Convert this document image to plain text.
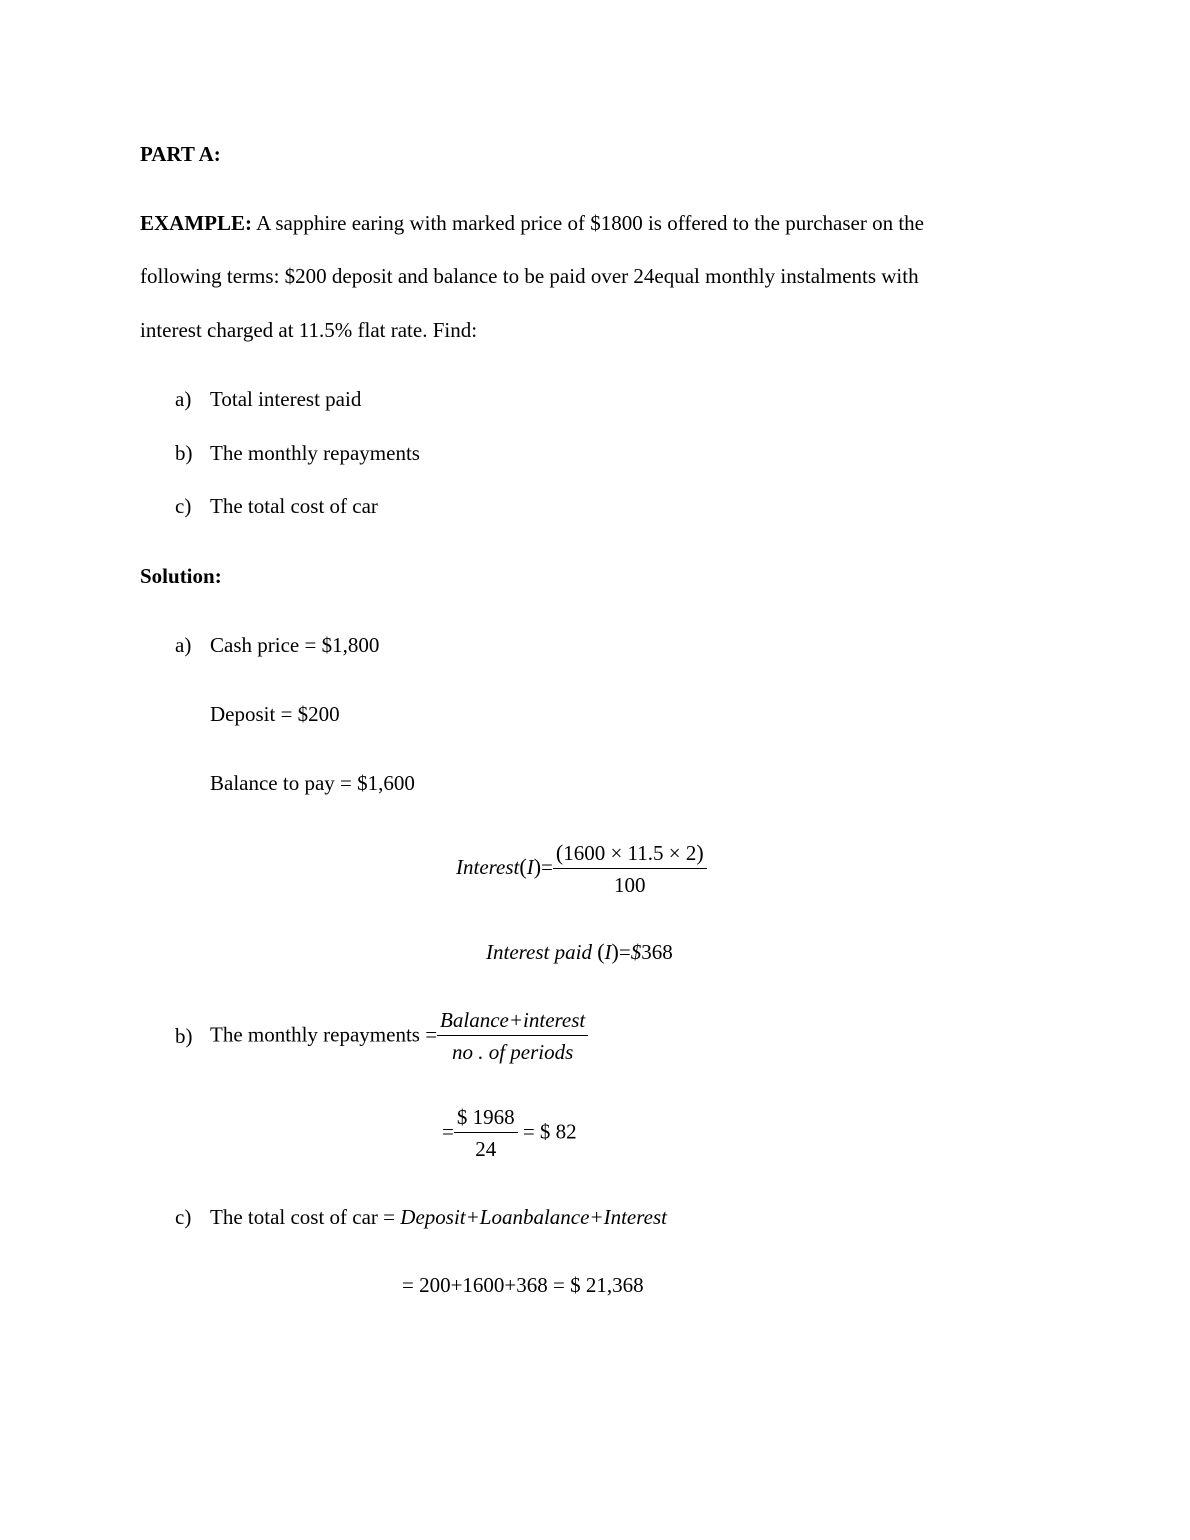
PART A:
EXAMPLE: A sapphire earing with marked price of $1800 is offered to the purchaser on the
following terms: $200 deposit and balance to be paid over 24equal monthly instalments with
interest charged at 11.5% flat rate. Find:
a) Total interest paid
b) The monthly repayments
c) The total cost of car
Solution:
a) Cash price = $1,800
Deposit = $200
Balance to pay = $1,600
Interest(I)= $\frac{(1600 \times 11.5 \times 2)}{100}$
Interest paid (I)=$368
b) The monthly repayments = $\frac{\text{Balance+interest}}{\text{no . of periods}}$
= $\frac{\$ 1968}{24}$ = $ 82
c) The total cost of car = Deposit+Loanbalance+Interest
= 200+1600+368 = $ 21,368
